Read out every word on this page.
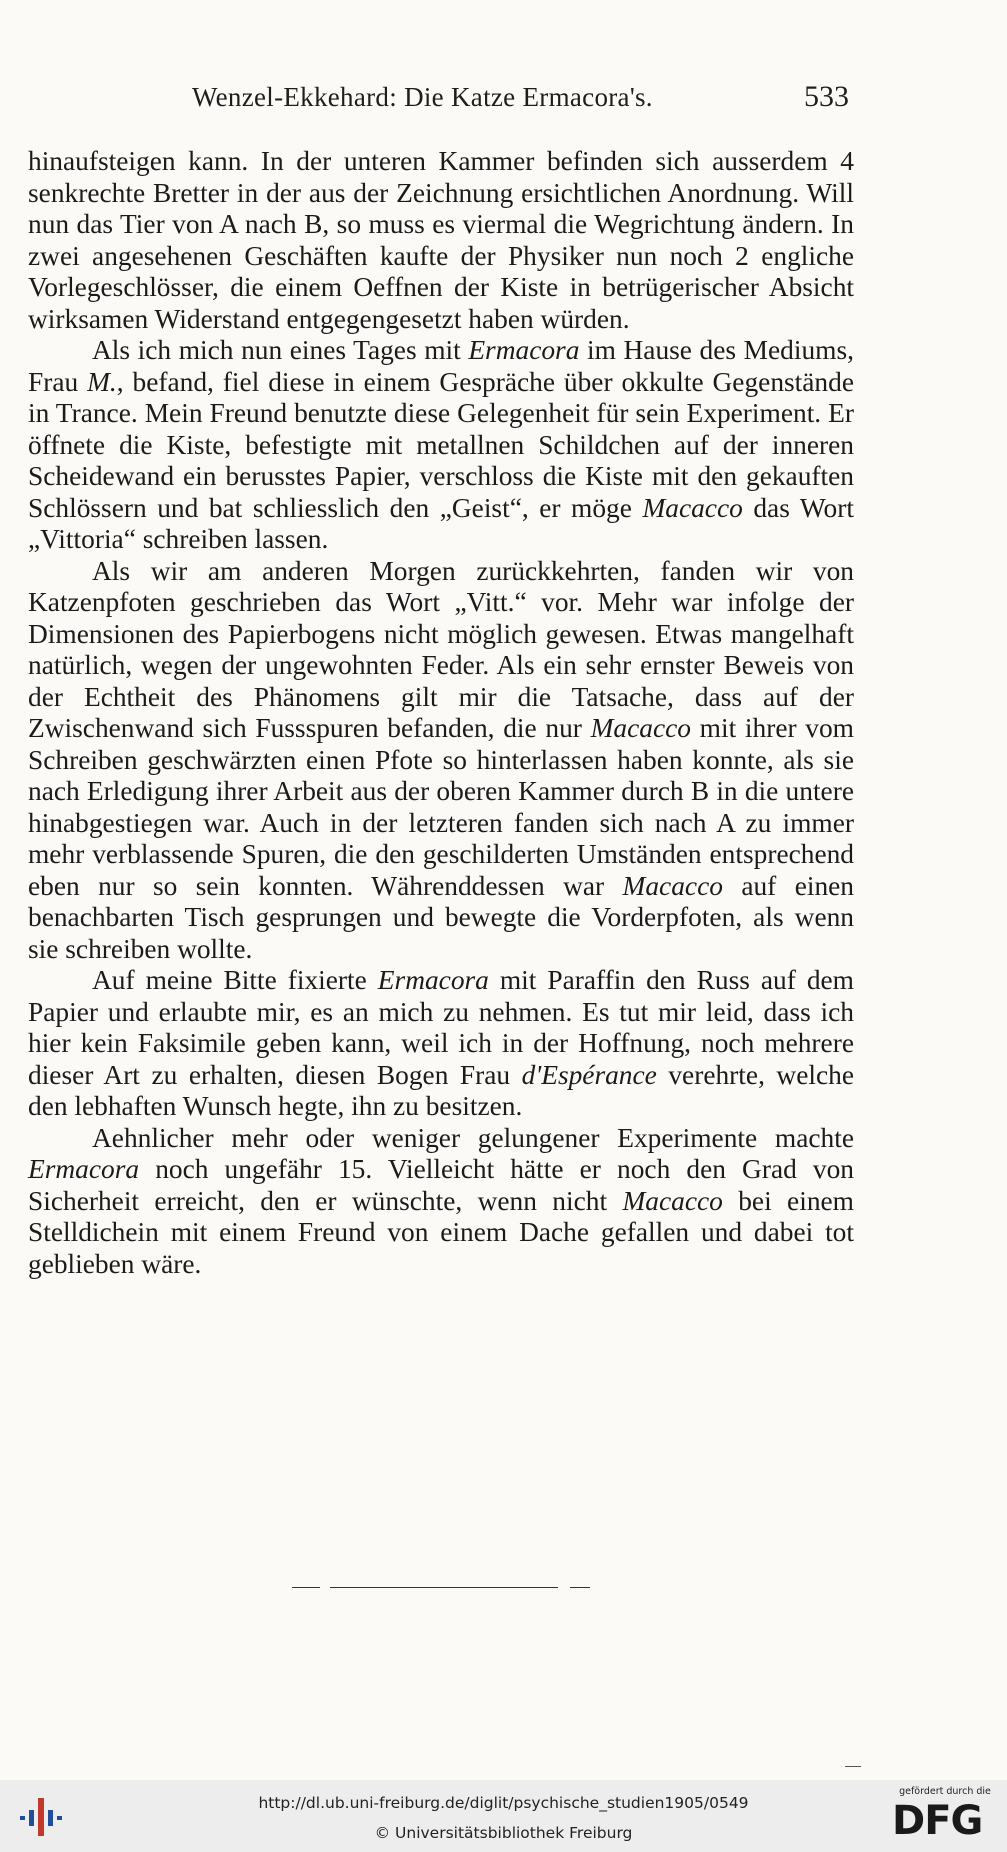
Wenzel-Ekkehard: Die Katze Ermacora's.	533

hinaufsteigen kann. In der unteren Kammer befinden sich ausserdem 4 senkrechte Bretter in der aus der Zeichnung ersichtlichen Anordnung. Will nun das Tier von A nach B, so muss es viermal die Wegrichtung ändern. In zwei angesehenen Geschäften kaufte der Physiker nun noch 2 engliche Vorlegeschlösser, die einem Oeffnen der Kiste in betrügerischer Absicht wirksamen Widerstand entgegengesetzt haben würden.

Als ich mich nun eines Tages mit Ermacora im Hause des Mediums, Frau M., befand, fiel diese in einem Gespräche über okkulte Gegenstände in Trance. Mein Freund benutzte diese Gelegenheit für sein Experiment. Er öffnete die Kiste, befestigte mit metallnen Schildchen auf der inneren Scheidewand ein berusstes Papier, verschloss die Kiste mit den gekauften Schlössern und bat schliesslich den „Geist“, er möge Macacco das Wort „Vittoria“ schreiben lassen.

Als wir am anderen Morgen zurückkehrten, fanden wir von Katzenpfoten geschrieben das Wort „Vitt.“ vor. Mehr war infolge der Dimensionen des Papierbogens nicht möglich gewesen. Etwas mangelhaft natürlich, wegen der ungewohnten Feder. Als ein sehr ernster Beweis von der Echtheit des Phänomens gilt mir die Tatsache, dass auf der Zwischenwand sich Fussspuren befanden, die nur Macacco mit ihrer vom Schreiben geschwärzten einen Pfote so hinterlassen haben konnte, als sie nach Erledigung ihrer Arbeit aus der oberen Kammer durch B in die untere hinabgestiegen war. Auch in der letzteren fanden sich nach A zu immer mehr verblassende Spuren, die den geschilderten Umständen entsprechend eben nur so sein konnten. Währenddessen war Macacco auf einen benachbarten Tisch gesprungen und bewegte die Vorderpfoten, als wenn sie schreiben wollte.

Auf meine Bitte fixierte Ermacora mit Paraffin den Russ auf dem Papier und erlaubte mir, es an mich zu nehmen. Es tut mir leid, dass ich hier kein Faksimile geben kann, weil ich in der Hoffnung, noch mehrere dieser Art zu erhalten, diesen Bogen Frau d'Espérance verehrte, welche den lebhaften Wunsch hegte, ihn zu besitzen.

Aehnlicher mehr oder weniger gelungener Experimente machte Ermacora noch ungefähr 15. Vielleicht hätte er noch den Grad von Sicherheit erreicht, den er wünschte, wenn nicht Macacco bei einem Stelldichein mit einem Freund von einem Dache gefallen und dabei tot geblieben wäre.

http://dl.ub.uni-freiburg.de/diglit/psychische_studien1905/0549
© Universitätsbibliothek Freiburg
gefördert durch die
DFG
